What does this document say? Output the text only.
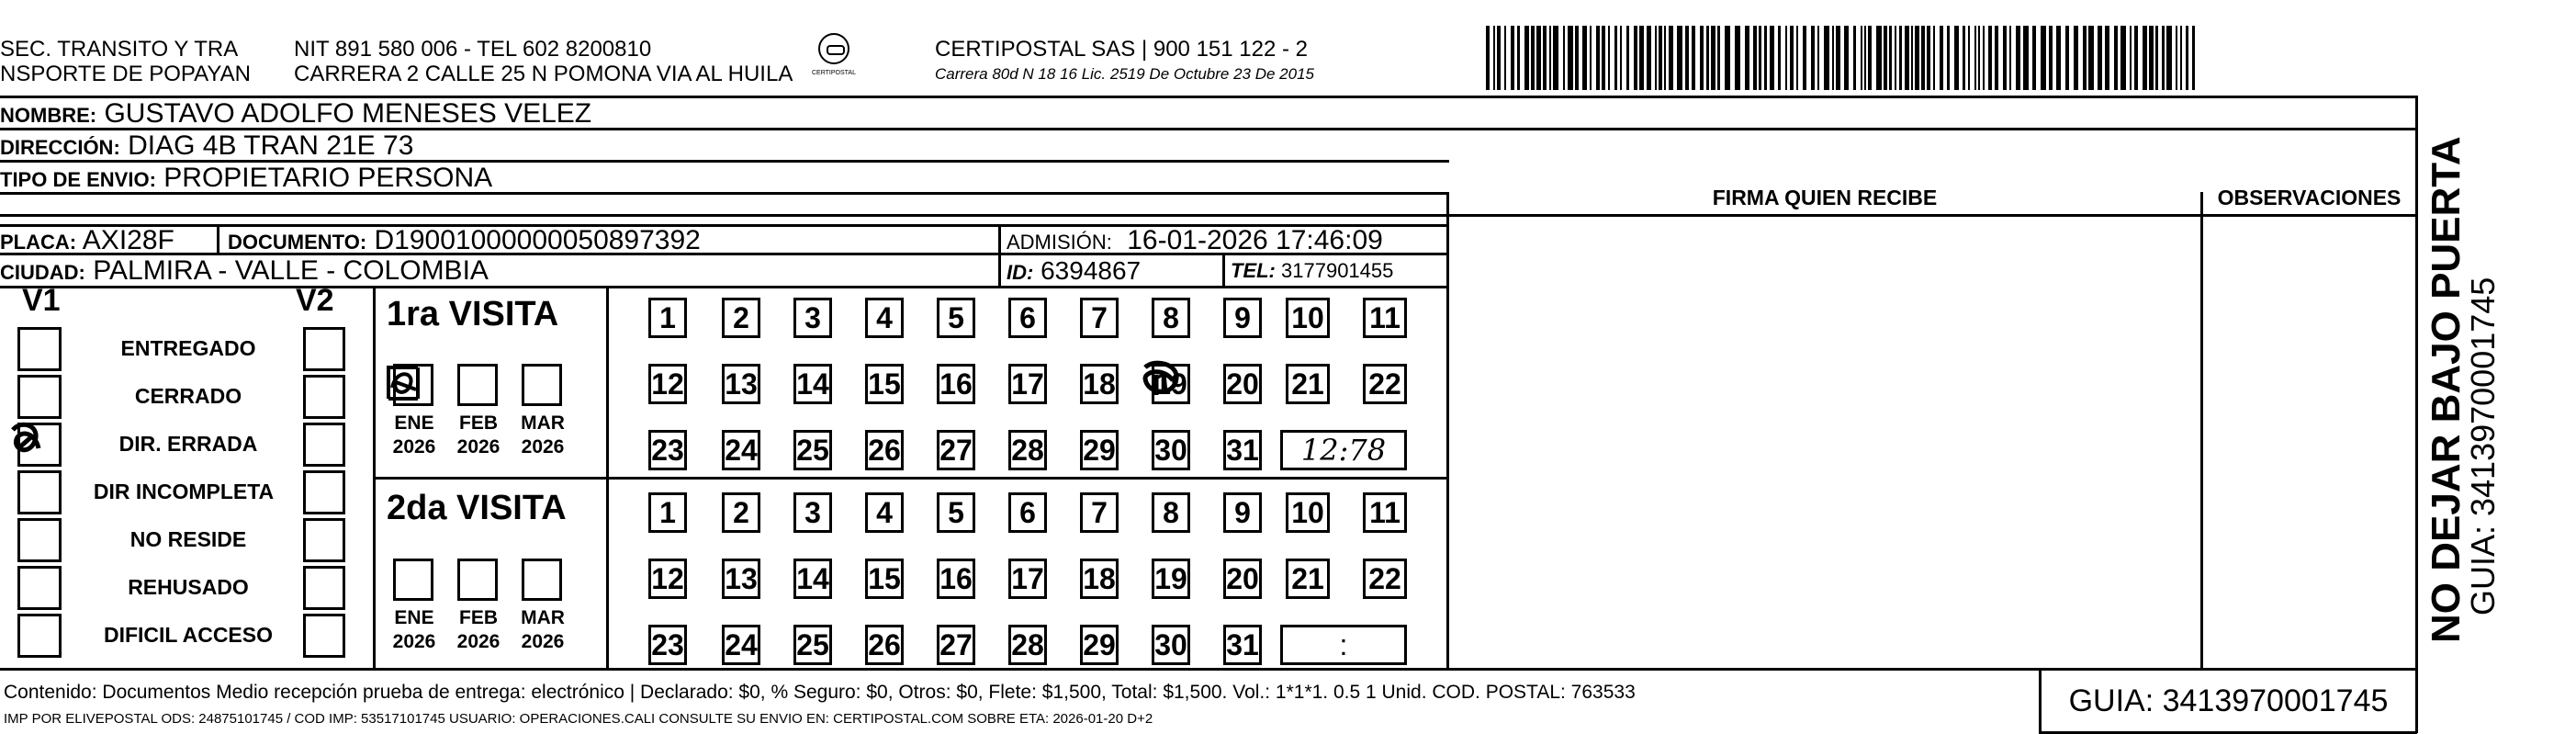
SEC. TRANSITO Y TRA
NSPORTE DE POPAYAN
NIT 891 580 006 - TEL 602 8200810
CARRERA 2 CALLE 25 N POMONA VIA AL HUILA	CERTIPOSTAL
CERTIPOSTAL SAS | 900 151 122 - 2
Carrera 80d N 18 16 Lic. 2519 De Octubre 23 De 2015
NOMBRE: GUSTAVO ADOLFO MENESES VELEZ
DIRECCIÓN: DIAG 4B TRAN 21E 73
TIPO DE ENVIO: PROPIETARIO PERSONA
FIRMA QUIEN RECIBE	OBSERVACIONES
PLACA: AXI28F	DOCUMENTO: D19001000000050897392	ADMISIÓN: 16-01-2026 17:46:09
CIUDAD: PALMIRA - VALLE - COLOMBIA	ID: 6394867	TEL: 3177901455
V1	V2
ENTREGADO
CERRADO
DIR. ERRADA
DIR INCOMPLETA
NO RESIDE
REHUSADO
DIFICIL ACCESO
1ra VISITA
2da VISITA
1	2	3	4	5	6	7	8	9	10 11
12 13 14 15 16 17 18 19 20 21 22
23 24 25 26 27 28 29 30 31	12:78
ENE
2026
FEB
2026
MAR
2026
1	2	3	4	5	6	7	8	9	10 11
12 13 14 15 16 17 18 19 20 21 22
23 24 25 26 27 28 29 30 31	:
ENE
2026
FEB
2026
MAR
2026	NO DEJAR BAJO PUERTA
GUIA: 3413970001745
Contenido: Documentos Medio recepción prueba de entrega: electrónico | Declarado: $0, % Seguro: $0, Otros: $0, Flete: $1,500, Total: $1,500. Vol.: 1*1*1. 0.5 1 Unid. COD. POSTAL: 763533
IMP POR ELIVEPOSTAL ODS: 24875101745 / COD IMP: 53517101745 USUARIO: OPERACIONES.CALI CONSULTE SU ENVIO EN: CERTIPOSTAL.COM SOBRE ETA: 2026-01-20 D+2
GUIA: 3413970001745
